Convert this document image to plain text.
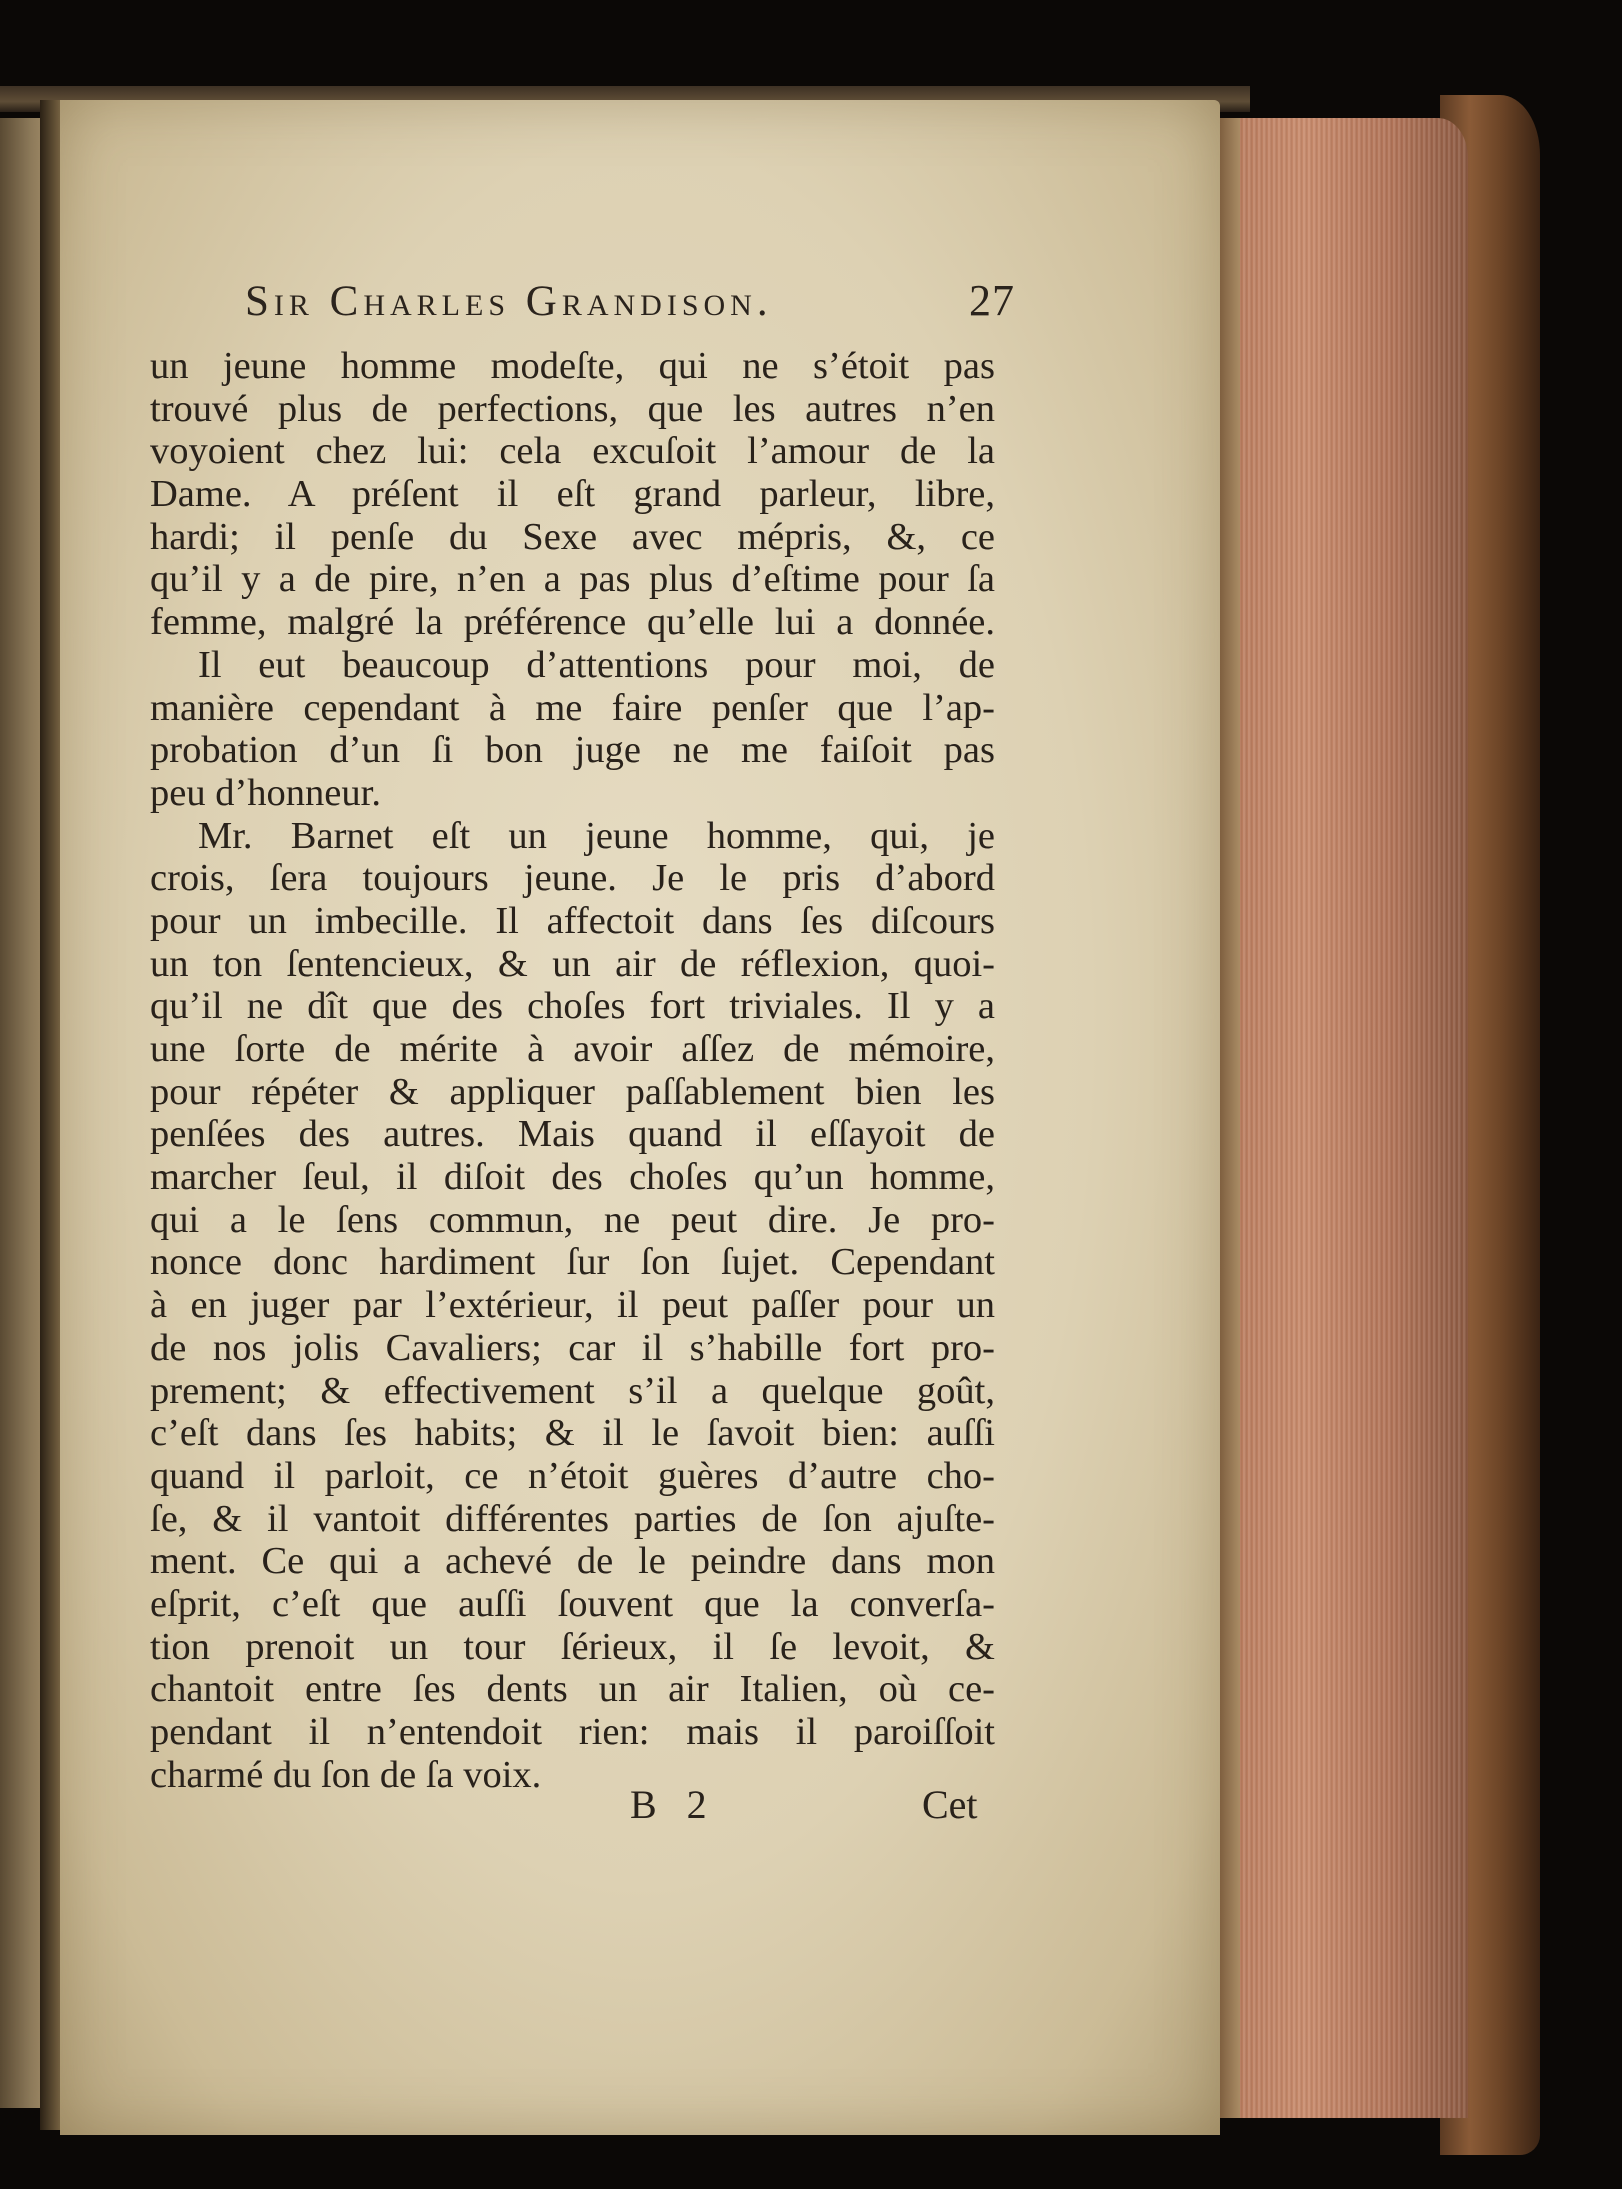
Sir Charles Grandison.	27
un jeune homme modeſte, qui ne s’étoit pas
trouvé plus de perfections, que les autres n’en
voyoient chez lui: cela excuſoit l’amour de la
Dame. A préſent il eſt grand parleur, libre,
hardi; il penſe du Sexe avec mépris, &, ce
qu’il y a de pire, n’en a pas plus d’eſtime pour ſa
femme, malgré la préférence qu’elle lui a donnée.
Il eut beaucoup d’attentions pour moi, de
manière cependant à me faire penſer que l’ap-
probation d’un ſi bon juge ne me faiſoit pas
peu d’honneur.
Mr. Barnet eſt un jeune homme, qui, je
crois, ſera toujours jeune. Je le pris d’abord
pour un imbecille. Il affectoit dans ſes diſcours
un ton ſentencieux, & un air de réflexion, quoi-
qu’il ne dît que des choſes fort triviales. Il y a
une ſorte de mérite à avoir aſſez de mémoire,
pour répéter & appliquer paſſablement bien les
penſées des autres. Mais quand il eſſayoit de
marcher ſeul, il diſoit des choſes qu’un homme,
qui a le ſens commun, ne peut dire. Je pro-
nonce donc hardiment ſur ſon ſujet. Cependant
à en juger par l’extérieur, il peut paſſer pour un
de nos jolis Cavaliers; car il s’habille fort pro-
prement; & effectivement s’il a quelque goût,
c’eſt dans ſes habits; & il le ſavoit bien: auſſi
quand il parloit, ce n’étoit guères d’autre cho-
ſe, & il vantoit différentes parties de ſon ajuſte-
ment. Ce qui a achevé de le peindre dans mon
eſprit, c’eſt que auſſi ſouvent que la converſa-
tion prenoit un tour ſérieux, il ſe levoit, &
chantoit entre ſes dents un air Italien, où ce-
pendant il n’entendoit rien: mais il paroiſſoit
charmé du ſon de ſa voix.
B 2	Cet
